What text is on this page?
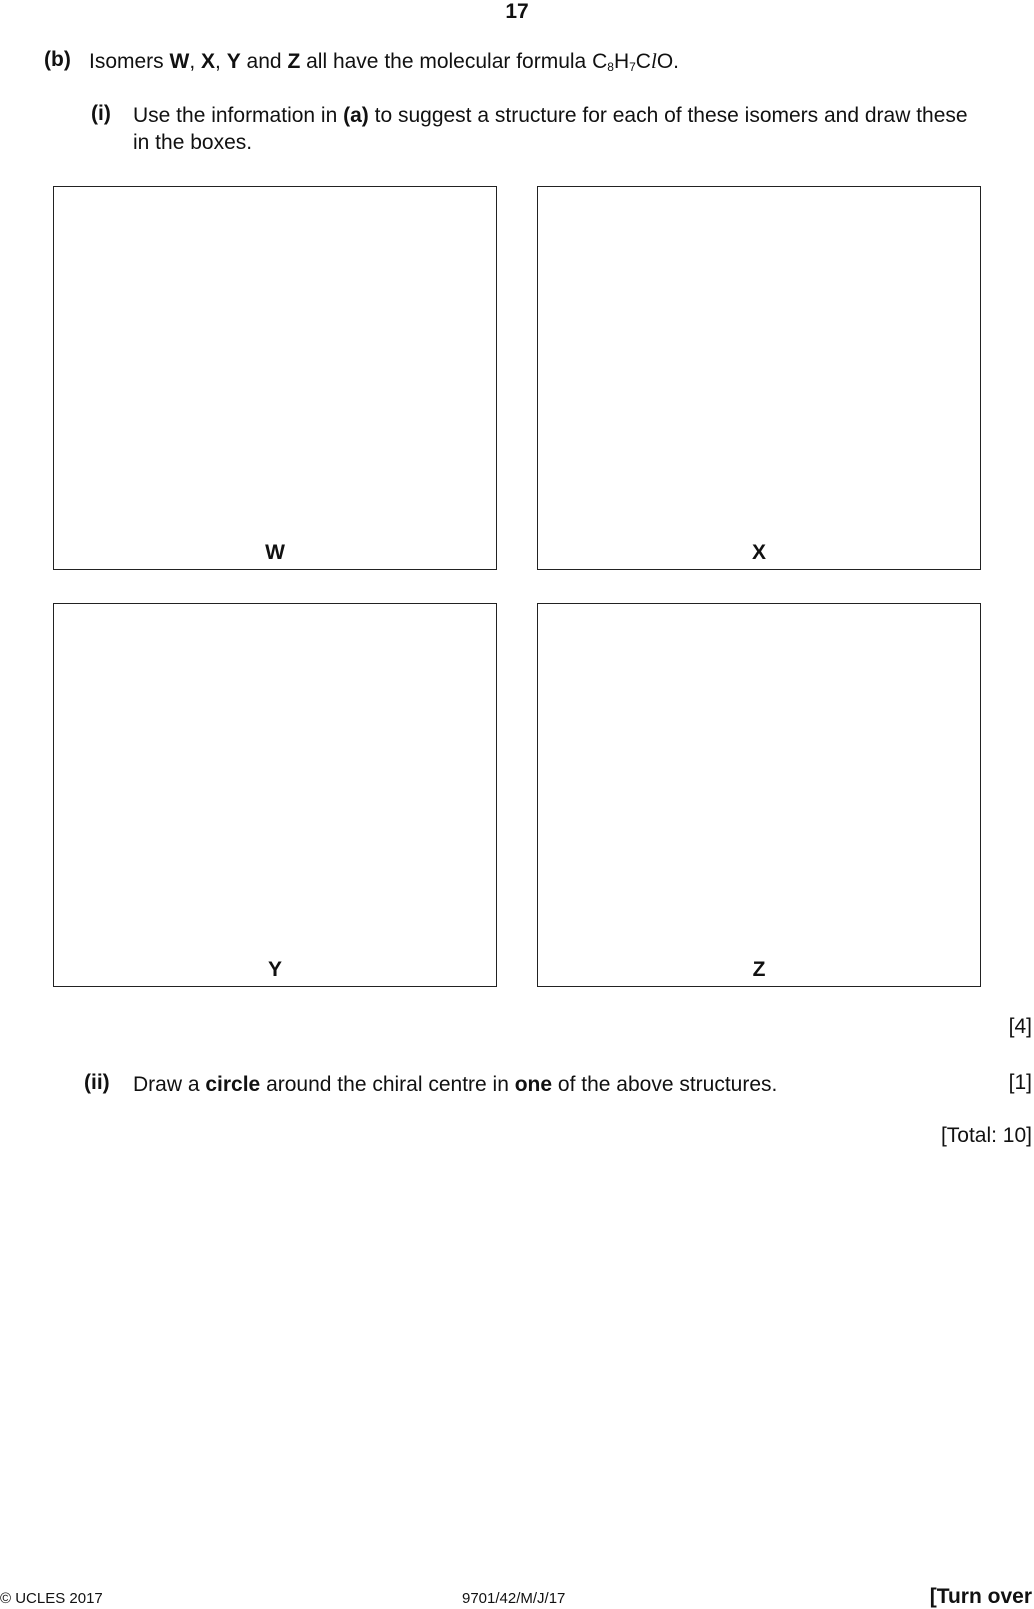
17
(b) Isomers W, X, Y and Z all have the molecular formula $C_8H_7ClO$.
(i) Use the information in (a) to suggest a structure for each of these isomers and draw these
in the boxes.
W	X
Y	Z
[4]
(ii) Draw a circle around the chiral centre in one of the above structures.	[1]
[Total: 10]
© UCLES 2017	9701/42/M/J/17	[Turn over
